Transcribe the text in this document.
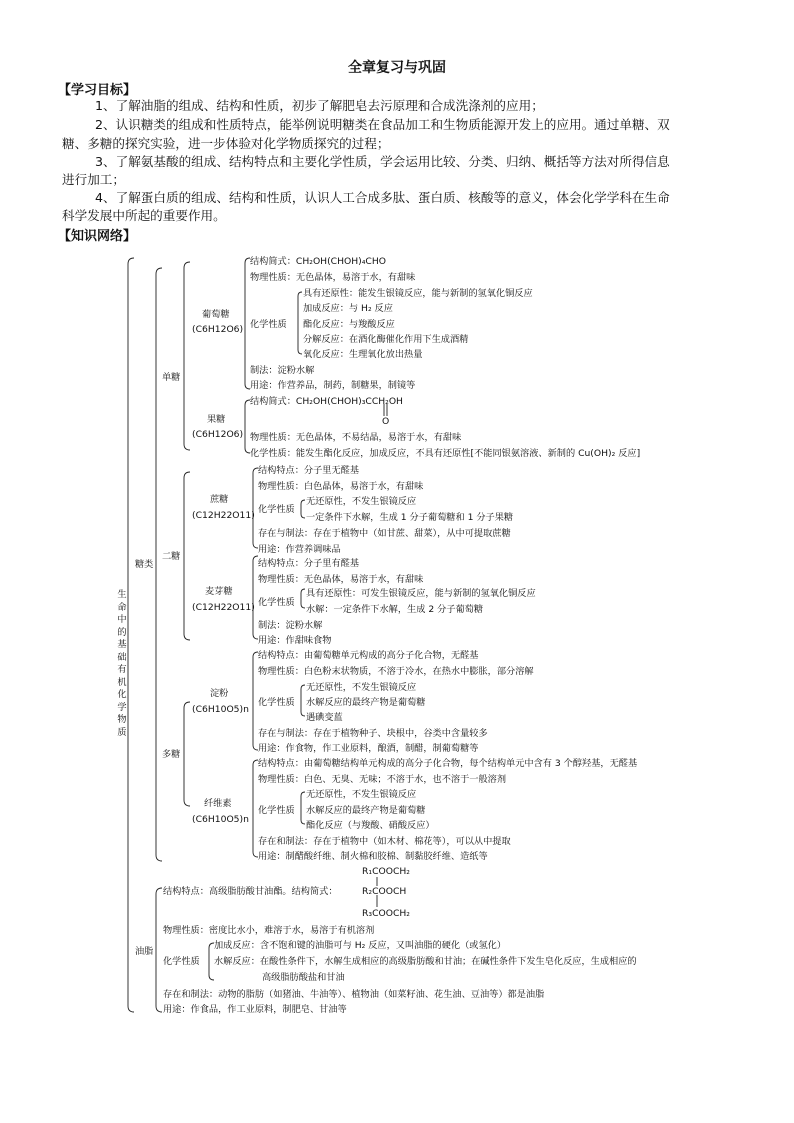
全章复习与巩固
【学习目标】
1、了解油脂的组成、结构和性质，初步了解肥皂去污原理和合成洗涤剂的应用；
2、认识糖类的组成和性质特点，能举例说明糖类在食品加工和生物质能源开发上的应用。通过单糖、双
糖、多糖的探究实验，进一步体验对化学物质探究的过程；
3、了解氨基酸的组成、结构特点和主要化学性质，学会运用比较、分类、归纳、概括等方法对所得信息
进行加工；
4、了解蛋白质的组成、结构和性质，认识人工合成多肽、蛋白质、核酸等的意义，体会化学学科在生命
科学发展中所起的重要作用。
【知识网络】
生命中的基础有机化学物质
糖类
单糖
二糖
多糖
油脂
葡萄糖
(C6H12O6)
结构简式：CH₂OH(CHOH)₄CHO
物理性质：无色晶体，易溶于水，有甜味
化学性质
具有还原性：能发生银镜反应，能与新制的氢氧化铜反应
加成反应：与 H₂ 反应
酯化反应：与羧酸反应
分解反应：在酒化酶催化作用下生成酒精
氧化反应：生理氧化放出热量
制法：淀粉水解
用途：作营养品，制药，制糖果，制镜等
果糖
(C6H12O6)
结构简式：CH₂OH(CHOH)₃CCH₂OH
O
物理性质：无色晶体，不易结晶，易溶于水，有甜味
化学性质：能发生酯化反应，加成反应，不具有还原性[不能同银氨溶液、新制的 Cu(OH)₂ 反应]
蔗糖
(C12H22O11)
结构特点：分子里无醛基
物理性质：白色晶体，易溶于水，有甜味
化学性质
无还原性，不发生银镜反应
一定条件下水解，生成 1 分子葡萄糖和 1 分子果糖
存在与制法：存在于植物中（如甘蔗、甜菜），从中可提取蔗糖
用途：作营养调味品
麦芽糖
(C12H22O11)
结构特点：分子里有醛基
物理性质：无色晶体，易溶于水，有甜味
化学性质
具有还原性：可发生银镜反应，能与新制的氢氧化铜反应
水解：一定条件下水解，生成 2 分子葡萄糖
制法：淀粉水解
用途：作甜味食物
淀粉
(C6H10O5)n
结构特点：由葡萄糖单元构成的高分子化合物，无醛基
物理性质：白色粉末状物质，不溶于冷水，在热水中膨胀，部分溶解
化学性质
无还原性，不发生银镜反应
水解反应的最终产物是葡萄糖
遇碘变蓝
存在与制法：存在于植物种子、块根中，谷类中含量较多
用途：作食物，作工业原料，酿酒，制醋，制葡萄糖等
纤维素
(C6H10O5)n
结构特点：由葡萄糖结构单元构成的高分子化合物，每个结构单元中含有 3 个醇羟基，无醛基
物理性质：白色、无臭、无味；不溶于水，也不溶于一般溶剂
化学性质
无还原性，不发生银镜反应
水解反应的最终产物是葡萄糖
酯化反应（与羧酸、硝酸反应）
存在和制法：存在于植物中（如木材、棉花等），可以从中提取
用途：制醋酸纤维、制火棉和胶棉、制黏胶纤维、造纸等
R₁COOCH₂
结构特点：高级脂肪酸甘油酯。结构简式：	R₂COOCH
R₃COOCH₂
物理性质：密度比水小，难溶于水，易溶于有机溶剂
化学性质
加成反应：含不饱和键的油脂可与 H₂ 反应，又叫油脂的硬化（或氢化）
水解反应：在酸性条件下，水解生成相应的高级脂肪酸和甘油；在碱性条件下发生皂化反应，生成相应的
高级脂肪酸盐和甘油
存在和制法：动物的脂肪（如猪油、牛油等）、植物油（如菜籽油、花生油、豆油等）都是油脂
用途：作食品，作工业原料，制肥皂、甘油等
